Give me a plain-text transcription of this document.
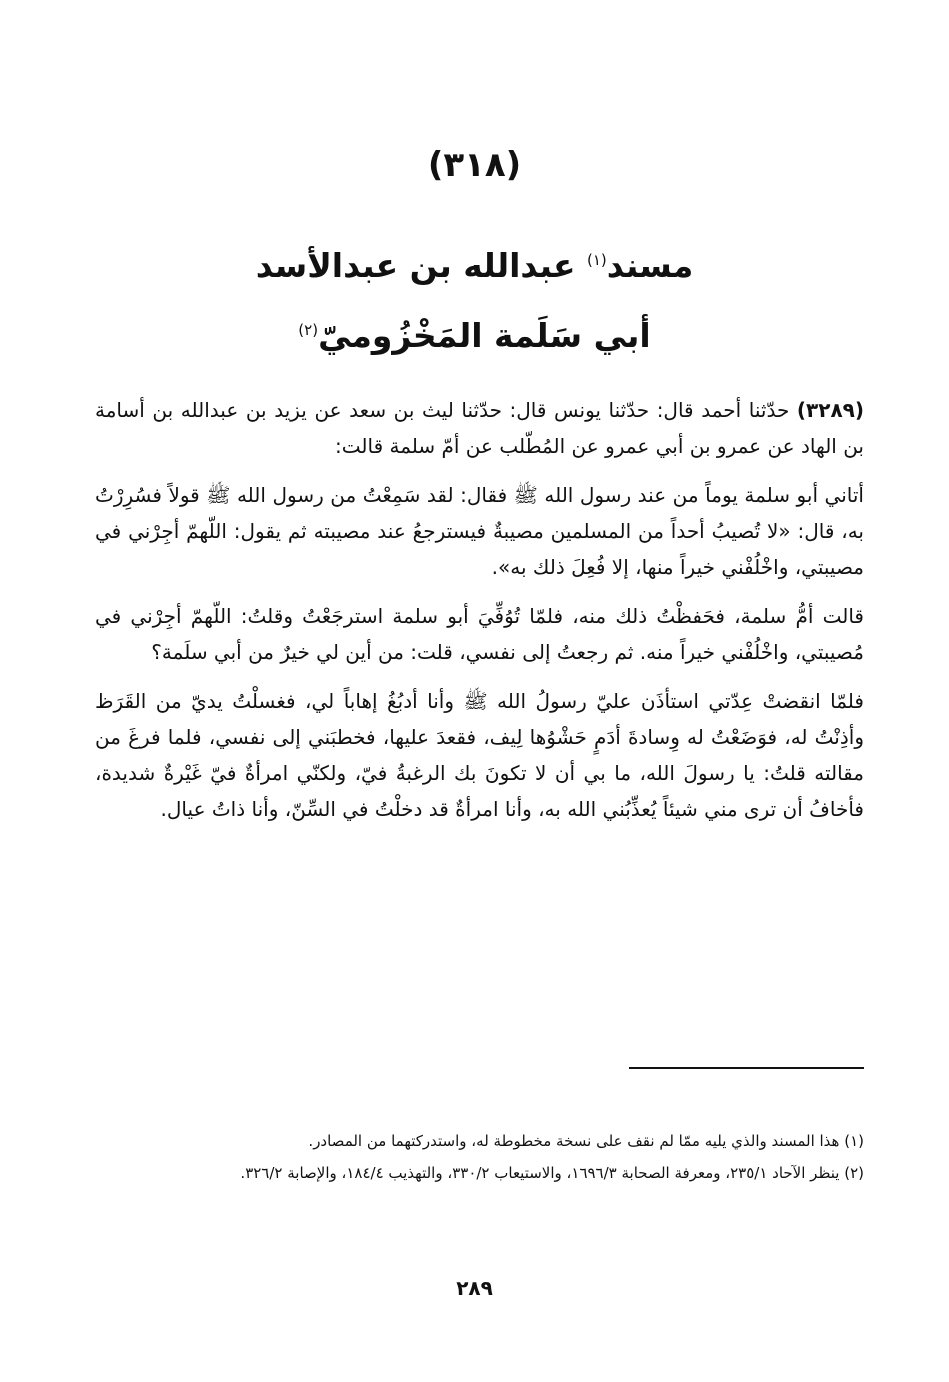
(٣١٨)
مسند$^{(١)}$ عبدالله بن عبدالأسد
أبي سَلَمة المَخْزُوميّ$^{(٢)}$

(٣٢٨٩) حدّثنا أحمد قال: حدّثنا يونس قال: حدّثنا ليث بن سعد عن يزيد بن عبدالله بن أسامة بن الهاد عن عمرو بن أبي عمرو عن المُطّلب عن أمّ سلمة قالت:

أتاني أبو سلمة يوماً من عند رسول الله ﷺ فقال: لقد سَمِعْتُ من رسول الله ﷺ قولاً فسُرِرْتُ به، قال: «لا تُصيبُ أحداً من المسلمين مصيبةٌ فيسترجعُ عند مصيبته ثم يقول: اللّهمّ أجِرْني في مصيبتي، واخْلُفْني خيراً منها، إلا فُعِلَ ذلك به».

قالت أمُّ سلمة، فحَفظْتُ ذلك منه، فلمّا تُوُفِّيَ أبو سلمة استرجَعْتُ وقلتُ: اللّهمّ أجِرْني في مُصيبتي، واخْلُفْني خيراً منه. ثم رجعتُ إلى نفسي، قلت: من أين لي خيرٌ من أبي سلَمة؟

فلمّا انقضتْ عِدّتي استأذَن عليّ رسولُ الله ﷺ وأنا أدبُغُ إهاباً لي، فغسلْتُ يديّ من القَرَظ وأذِنْتُ له، فوَضَعْتُ له وِسادةَ أدَمٍ حَشْوُها لِيف، فقعدَ عليها، فخطبَني إلى نفسي، فلما فرغَ من مقالته قلتُ: يا رسولَ الله، ما بي أن لا تكونَ بك الرغبةُ فيّ، ولكنّي امرأةٌ فيّ غَيْرةٌ شديدة، فأخافُ أن ترى مني شيئاً يُعذِّبُني الله به، وأنا امرأةٌ قد دخلْتُ في السِّنّ، وأنا ذاتُ عيال.

(١) هذا المسند والذي يليه ممّا لم نقف على نسخة مخطوطة له، واستدركتهما من المصادر.

(٢) ينظر الآحاد ٢٣٥/١، ومعرفة الصحابة ١٦٩٦/٣، والاستيعاب ٣٣٠/٢، والتهذيب ١٨٤/٤، والإصابة ٣٢٦/٢.

٢٨٩
